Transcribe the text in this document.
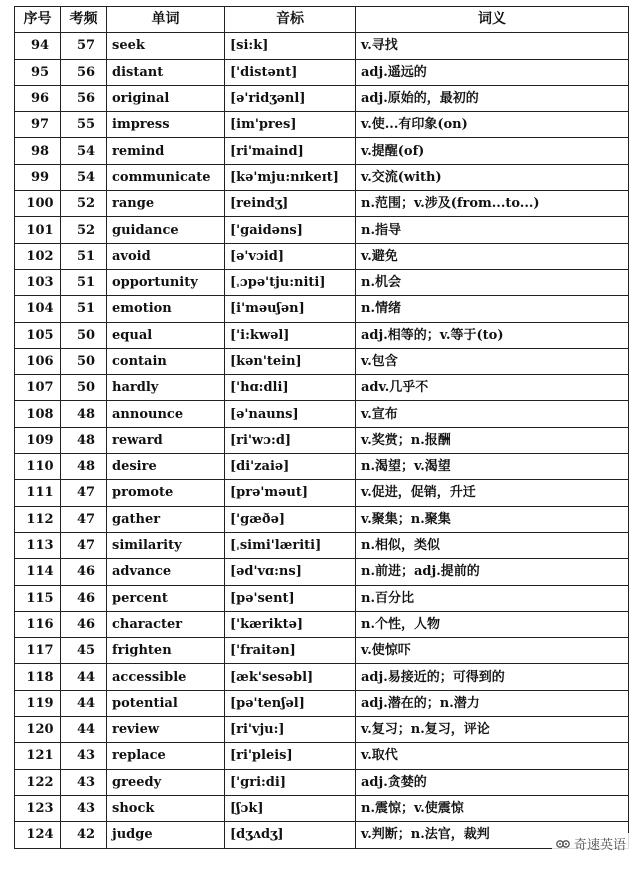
序号	考频	单词	音标	词义
94	57	seek	[si:k]	v.寻找
95	56	distant	['distənt]	adj.遥远的
96	56	original	[ə'ridʒənl]	adj.原始的，最初的
97	55	impress	[im'pres]	v.使...有印象(on)
98	54	remind	[ri'maind]	v.提醒(of)
99	54	communicate	[kə'mju:nɪkeɪt]	v.交流(with)
100	52	range	[reindʒ]	n.范围；v.涉及(from...to...)
101	52	guidance	['gaidəns]	n.指导
102	51	avoid	[ə'vɔid]	v.避免
103	51	opportunity	[ˌɔpə'tju:niti]	n.机会
104	51	emotion	[i'məuʃən]	n.情绪
105	50	equal	['i:kwəl]	adj.相等的；v.等于(to)
106	50	contain	[kən'tein]	v.包含
107	50	hardly	['hɑ:dli]	adv.几乎不
108	48	announce	[ə'nauns]	v.宣布
109	48	reward	[ri'wɔ:d]	v.奖赏；n.报酬
110	48	desire	[di'zaiə]	n.渴望；v.渴望
111	47	promote	[prə'məut]	v.促进，促销，升迁
112	47	gather	['gæðə]	v.聚集；n.聚集
113	47	similarity	[ˌsimi'læriti]	n.相似，类似
114	46	advance	[əd'vɑ:ns]	n.前进；adj.提前的
115	46	percent	[pə'sent]	n.百分比
116	46	character	['kæriktə]	n.个性，人物
117	45	frighten	['fraitən]	v.使惊吓
118	44	accessible	[æk'sesəbl]	adj.易接近的；可得到的
119	44	potential	[pə'tenʃəl]	adj.潜在的；n.潜力
120	44	review	[ri'vju:]	v.复习；n.复习，评论
121	43	replace	[ri'pleis]	v.取代
122	43	greedy	['gri:di]	adj.贪婪的
123	43	shock	[ʃɔk]	n.震惊；v.使震惊
124	42	judge	[dʒʌdʒ]	v.判断；n.法官，裁判
奇速英语
